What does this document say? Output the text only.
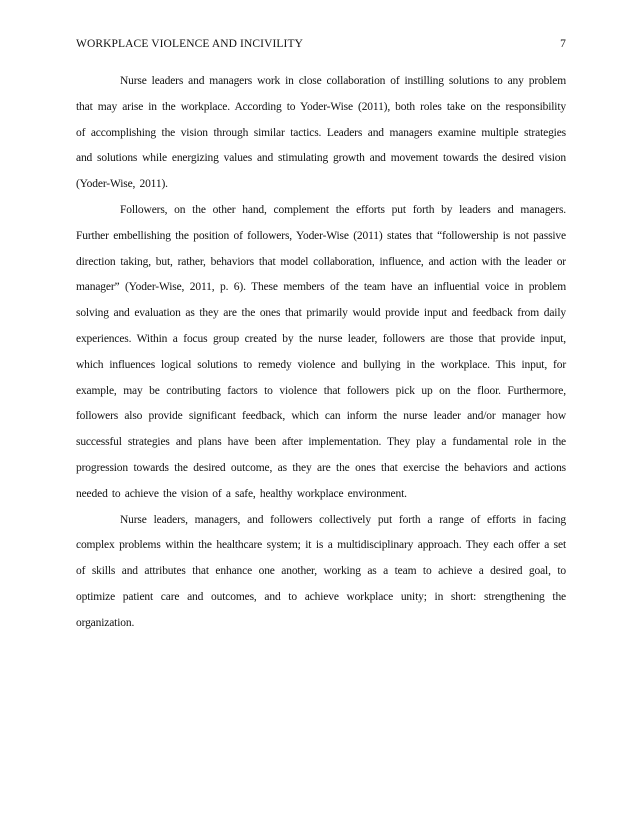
WORKPLACE VIOLENCE AND INCIVILITY	7

Nurse leaders and managers work in close collaboration of instilling solutions to any problem that may arise in the workplace. According to Yoder-Wise (2011), both roles take on the responsibility of accomplishing the vision through similar tactics. Leaders and managers examine multiple strategies and solutions while energizing values and stimulating growth and movement towards the desired vision (Yoder-Wise, 2011).

Followers, on the other hand, complement the efforts put forth by leaders and managers. Further embellishing the position of followers, Yoder-Wise (2011) states that “followership is not passive direction taking, but, rather, behaviors that model collaboration, influence, and action with the leader or manager” (Yoder-Wise, 2011, p. 6). These members of the team have an influential voice in problem solving and evaluation as they are the ones that primarily would provide input and feedback from daily experiences. Within a focus group created by the nurse leader, followers are those that provide input, which influences logical solutions to remedy violence and bullying in the workplace. This input, for example, may be contributing factors to violence that followers pick up on the floor. Furthermore, followers also provide significant feedback, which can inform the nurse leader and/or manager how successful strategies and plans have been after implementation. They play a fundamental role in the progression towards the desired outcome, as they are the ones that exercise the behaviors and actions needed to achieve the vision of a safe, healthy workplace environment.

Nurse leaders, managers, and followers collectively put forth a range of efforts in facing complex problems within the healthcare system; it is a multidisciplinary approach. They each offer a set of skills and attributes that enhance one another, working as a team to achieve a desired goal, to optimize patient care and outcomes, and to achieve workplace unity; in short: strengthening the organization.
